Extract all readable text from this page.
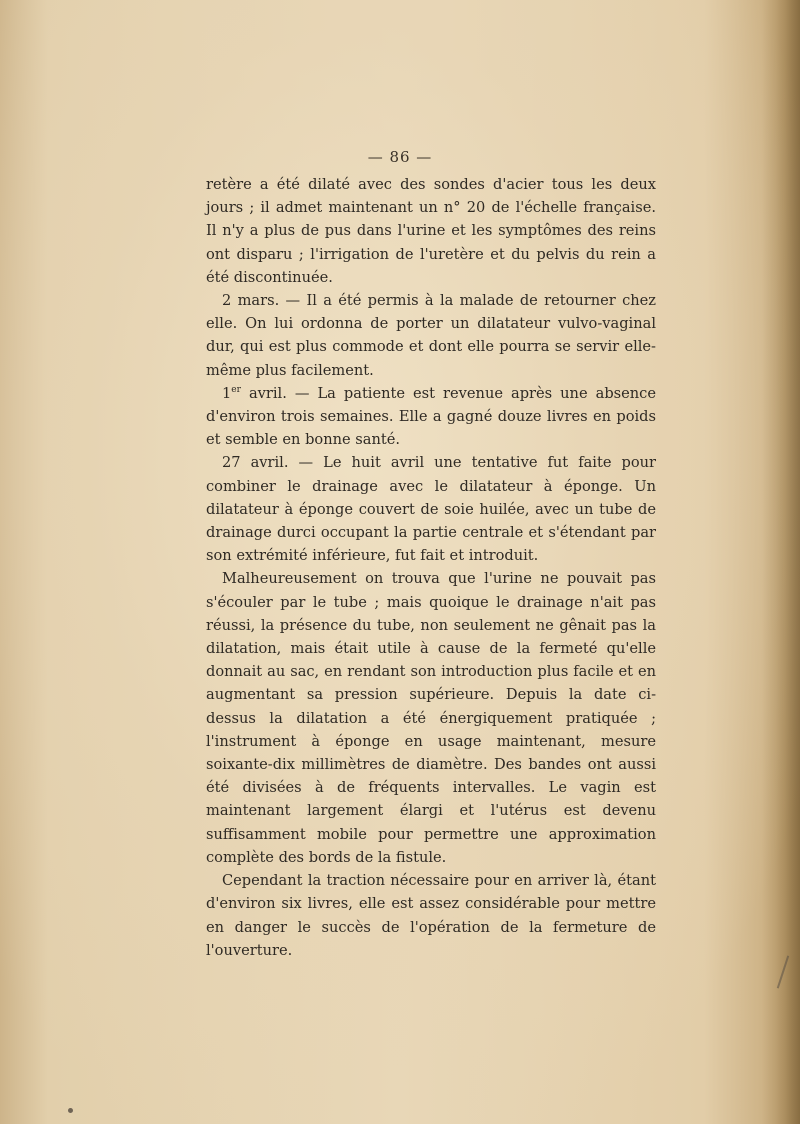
— 86 —

retère a été dilaté avec des sondes d'acier tous les deux jours ; il admet maintenant un n° 20 de l'échelle française. Il n'y a plus de pus dans l'urine et les symptômes des reins ont disparu ; l'irrigation de l'uretère et du pelvis du rein a été discontinuée.

2 mars. — Il a été permis à la malade de retourner chez elle. On lui ordonna de porter un dilatateur vulvo-vaginal dur, qui est plus commode et dont elle pourra se servir elle-même plus facilement.

1er avril. — La patiente est revenue après une absence d'environ trois semaines. Elle a gagné douze livres en poids et semble en bonne santé.

27 avril. — Le huit avril une tentative fut faite pour combiner le drainage avec le dilatateur à éponge. Un dilatateur à éponge couvert de soie huilée, avec un tube de drainage durci occupant la partie centrale et s'étendant par son extrémité inférieure, fut fait et introduit.

Malheureusement on trouva que l'urine ne pouvait pas s'écouler par le tube ; mais quoique le drainage n'ait pas réussi, la présence du tube, non seulement ne gênait pas la dilatation, mais était utile à cause de la fermeté qu'elle donnait au sac, en rendant son introduction plus facile et en augmentant sa pression supérieure. Depuis la date ci-dessus la dilatation a été énergiquement pratiquée ; l'instrument à éponge en usage maintenant, mesure soixante-dix millimètres de diamètre. Des bandes ont aussi été divisées à de fréquents intervalles. Le vagin est maintenant largement élargi et l'utérus est devenu suffisamment mobile pour permettre une approximation complète des bords de la fistule.

Cependant la traction nécessaire pour en arriver là, étant d'environ six livres, elle est assez considérable pour mettre en danger le succès de l'opération de la fermeture de l'ouverture.
